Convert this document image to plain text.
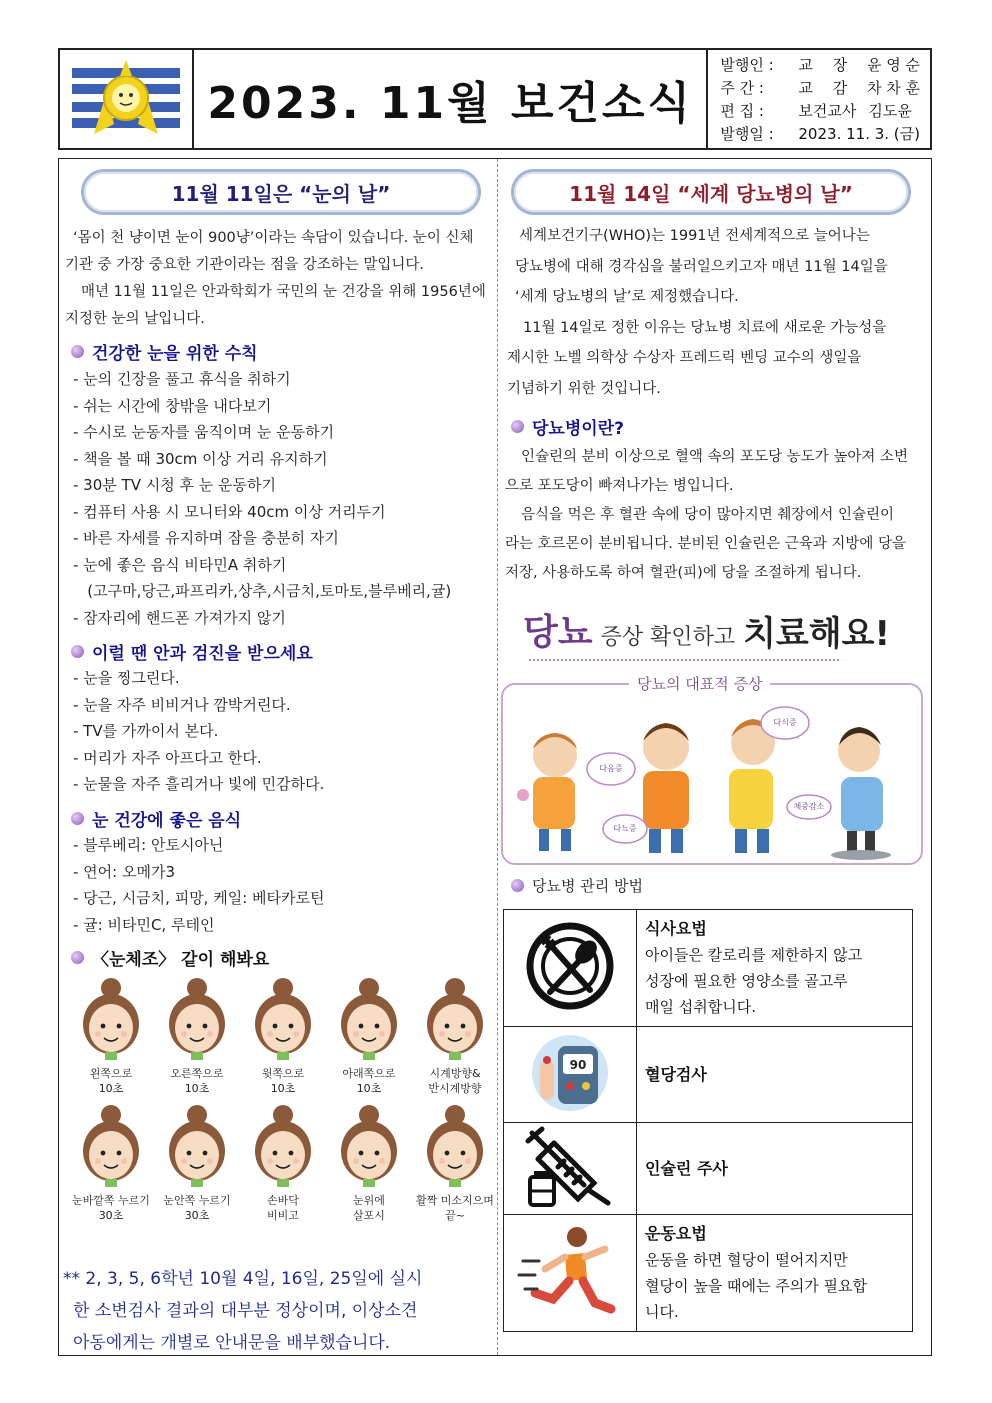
2023. 11월 보건소식
발행인 :	교 장 윤 영 순
주 간 :	교 감 차 차 훈
편 집 :	보건교사 김도윤
발행일 :	2023. 11. 3. (금)
11월 11일은 “눈의 날”
‘몸이 천 냥이면 눈이 900냥’이라는 속담이 있습니다. 눈이 신체 기관 중 가장 중요한 기관이라는 점을 강조하는 말입니다.
매년 11월 11일은 안과학회가 국민의 눈 건강을 위해 1956년에 지정한 눈의 날입니다.
건강한 눈을 위한 수칙
- 눈의 긴장을 풀고 휴식을 취하기
- 쉬는 시간에 창밖을 내다보기
- 수시로 눈동자를 움직이며 눈 운동하기
- 책을 볼 때 30cm 이상 거리 유지하기
- 30분 TV 시청 후 눈 운동하기
- 컴퓨터 사용 시 모니터와 40cm 이상 거리두기
- 바른 자세를 유지하며 잠을 충분히 자기
- 눈에 좋은 음식 비타민A 취하기
(고구마,당근,파프리카,상추,시금치,토마토,블루베리,귤)
- 잠자리에 핸드폰 가져가지 않기
이럴 땐 안과 검진을 받으세요
- 눈을 찡그린다.
- 눈을 자주 비비거나 깜박거린다.
- TV를 가까이서 본다.
- 머리가 자주 아프다고 한다.
- 눈물을 자주 흘리거나 빛에 민감하다.
눈 건강에 좋은 음식
- 블루베리: 안토시아닌
- 연어: 오메가3
- 당근, 시금치, 피망, 케일: 베타카로틴
- 귤: 비타민C, 루테인
〈눈체조〉 같이 해봐요
왼쪽으로
10초
오른쪽으로
10초
윗쪽으로
10초
아래쪽으로
10초
시계방향&
반시계방향
눈바깥쪽 누르기
30초
눈안쪽 누르기
30초
손바닥
비비고
눈위에
살포시
활짝 미소지으며
끝~
** 2, 3, 5, 6학년 10월 4일, 16일, 25일에 실시
한 소변검사 결과의 대부분 정상이며, 이상소견
아동에게는 개별로 안내문을 배부했습니다.
11월 14일 “세계 당뇨병의 날”
세계보건기구(WHO)는 1991년 전세계적으로 늘어나는
당뇨병에 대해 경각심을 불러일으키고자 매년 11월 14일을
‘세계 당뇨병의 날’로 제정했습니다.
11월 14일로 정한 이유는 당뇨병 치료에 새로운 가능성을
제시한 노벨 의학상 수상자 프레드릭 벤딩 교수의 생일을
기념하기 위한 것입니다.
당뇨병이란?
인슐린의 분비 이상으로 혈액 속의 포도당 농도가 높아져 소변
으로 포도당이 빠져나가는 병입니다.
음식을 먹은 후 혈관 속에 당이 많아지면 췌장에서 인슐린이
라는 호르몬이 분비됩니다. 분비된 인슐린은 근육과 지방에 당을
저장, 사용하도록 하여 혈관(피)에 당을 조절하게 됩니다.
당뇨 증상 확인하고 치료해요!
다음증
다뇨증
다식증
체중감소
당뇨의 대표적 증상
당뇨병 관리 방법

식사요법
아이들은 칼로리를 제한하지 않고
성장에 필요한 영양소를 골고루
매일 섭취합니다.

90	혈당검사

인슐린 주사

운동요법
운동을 하면 혈당이 떨어지지만
혈당이 높을 때에는 주의가 필요합
니다.
